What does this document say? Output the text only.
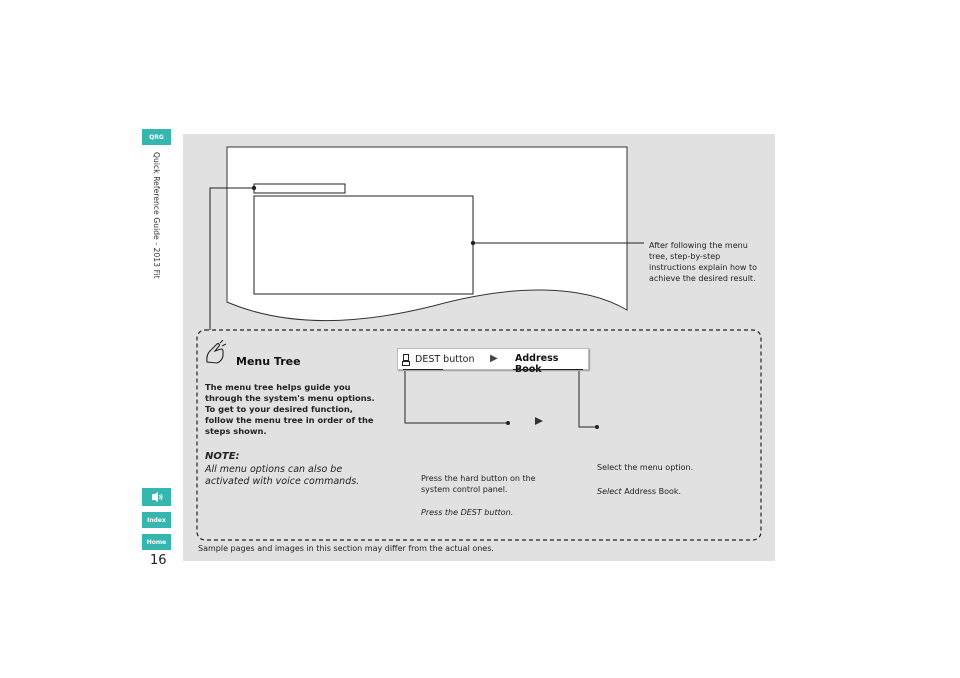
QRG
Quick Reference Guide - 2013 Fit
Index
Home
16
After following the menu tree, step-by-step instructions explain how to achieve the desired result.
Menu Tree
The menu tree helps guide you through the system's menu options. To get to your desired function, follow the menu tree in order of the steps shown.
NOTE:
All menu options can also be activated with voice commands.	Press the hard button on the system control panel.
Press the DEST button.
Select the menu option.
Select Address Book.
Sample pages and images in this section may differ from the actual ones.
DEST button ▶ Address
